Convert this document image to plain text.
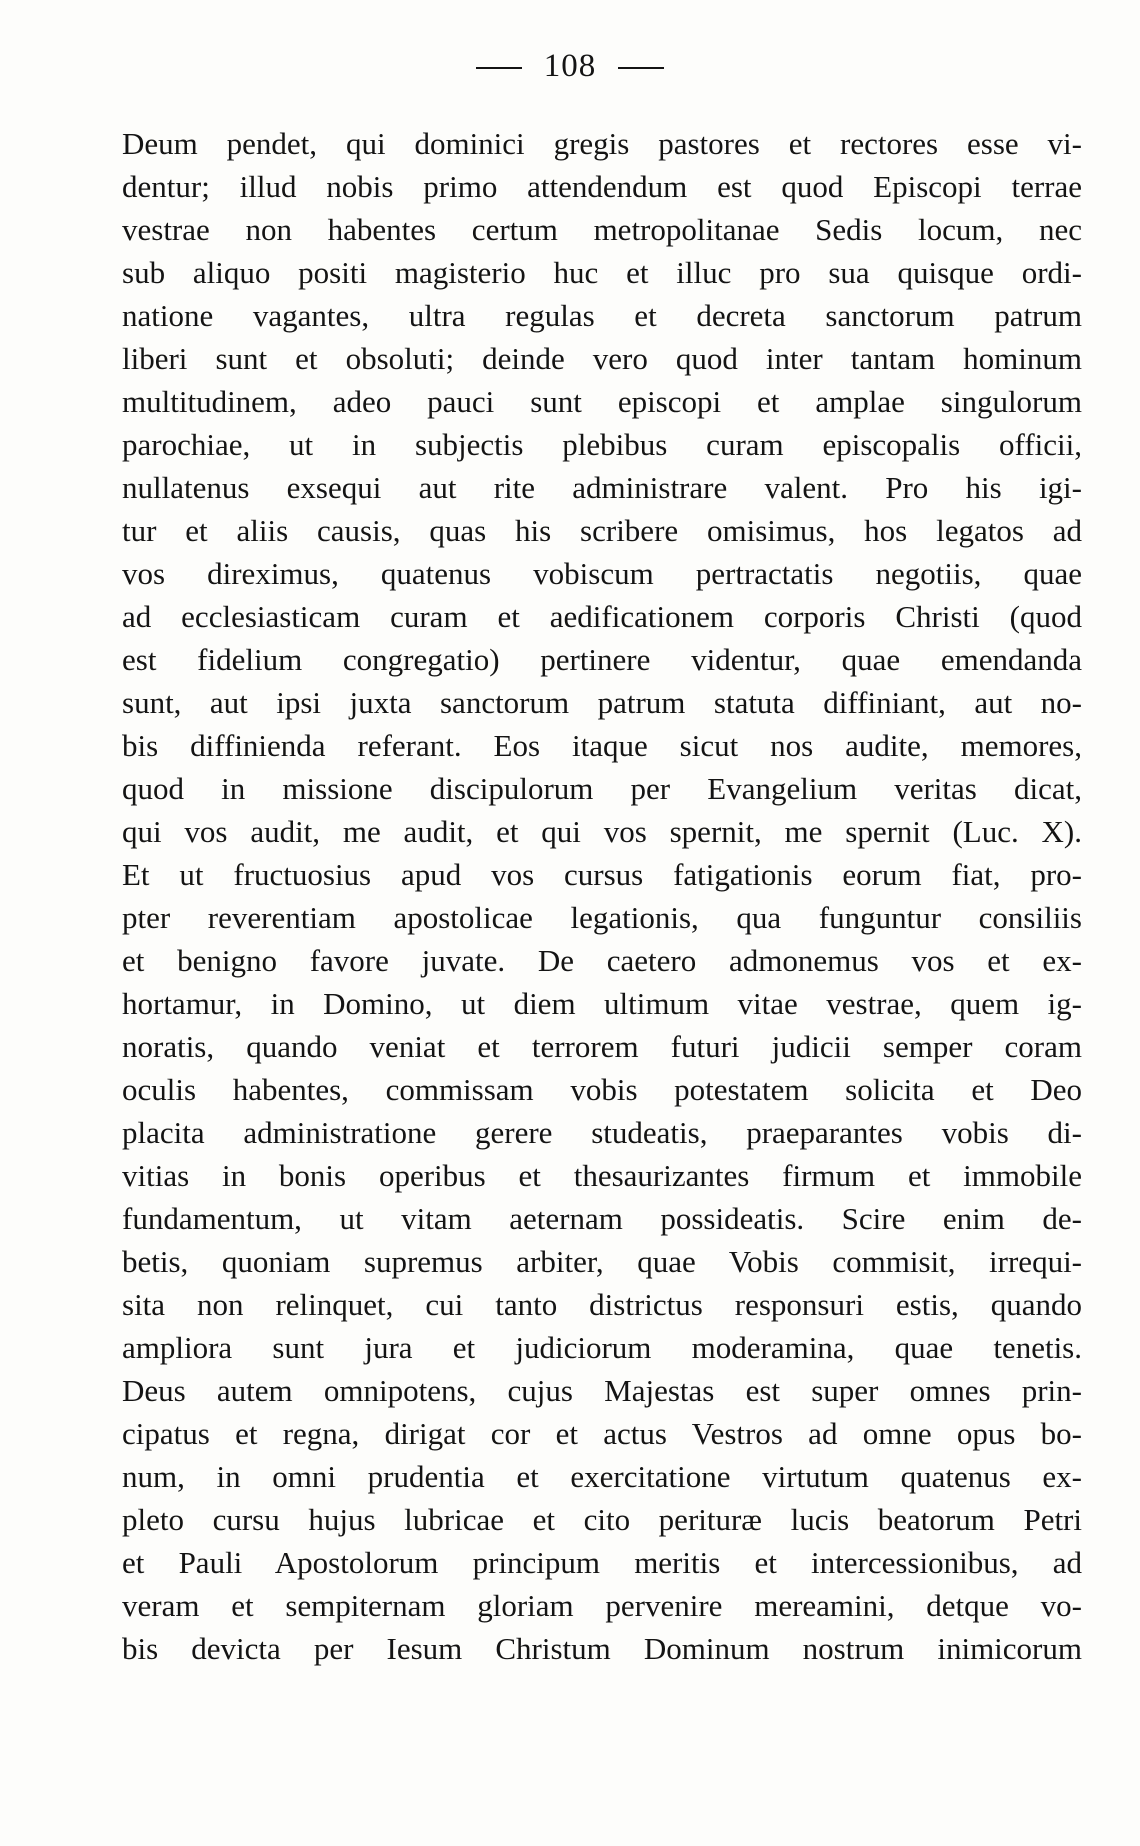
108
Deum pendet, qui dominici gregis pastores et rectores esse vi-
dentur; illud nobis primo attendendum est quod Episcopi terrae
vestrae non habentes certum metropolitanae Sedis locum, nec
sub aliquo positi magisterio huc et illuc pro sua quisque ordi-
natione vagantes, ultra regulas et decreta sanctorum patrum
liberi sunt et obsoluti; deinde vero quod inter tantam hominum
multitudinem, adeo pauci sunt episcopi et amplae singulorum
parochiae, ut in subjectis plebibus curam episcopalis officii,
nullatenus exsequi aut rite administrare valent. Pro his igi-
tur et aliis causis, quas his scribere omisimus, hos legatos ad
vos direximus, quatenus vobiscum pertractatis negotiis, quae
ad ecclesiasticam curam et aedificationem corporis Christi (quod
est fidelium congregatio) pertinere videntur, quae emendanda
sunt, aut ipsi juxta sanctorum patrum statuta diffiniant, aut no-
bis diffinienda referant. Eos itaque sicut nos audite, memores,
quod in missione discipulorum per Evangelium veritas dicat,
qui vos audit, me audit, et qui vos spernit, me spernit (Luc. X).
Et ut fructuosius apud vos cursus fatigationis eorum fiat, pro-
pter reverentiam apostolicae legationis, qua funguntur consiliis
et benigno favore juvate. De caetero admonemus vos et ex-
hortamur, in Domino, ut diem ultimum vitae vestrae, quem ig-
noratis, quando veniat et terrorem futuri judicii semper coram
oculis habentes, commissam vobis potestatem solicita et Deo
placita administratione gerere studeatis, praeparantes vobis di-
vitias in bonis operibus et thesaurizantes firmum et immobile
fundamentum, ut vitam aeternam possideatis. Scire enim de-
betis, quoniam supremus arbiter, quae Vobis commisit, irrequi-
sita non relinquet, cui tanto districtus responsuri estis, quando
ampliora sunt jura et judiciorum moderamina, quae tenetis.
Deus autem omnipotens, cujus Majestas est super omnes prin-
cipatus et regna, dirigat cor et actus Vestros ad omne opus bo-
num, in omni prudentia et exercitatione virtutum quatenus ex-
pleto cursu hujus lubricae et cito perituræ lucis beatorum Petri
et Pauli Apostolorum principum meritis et intercessionibus, ad
veram et sempiternam gloriam pervenire mereamini, detque vo-
bis devicta per Iesum Christum Dominum nostrum inimicorum
